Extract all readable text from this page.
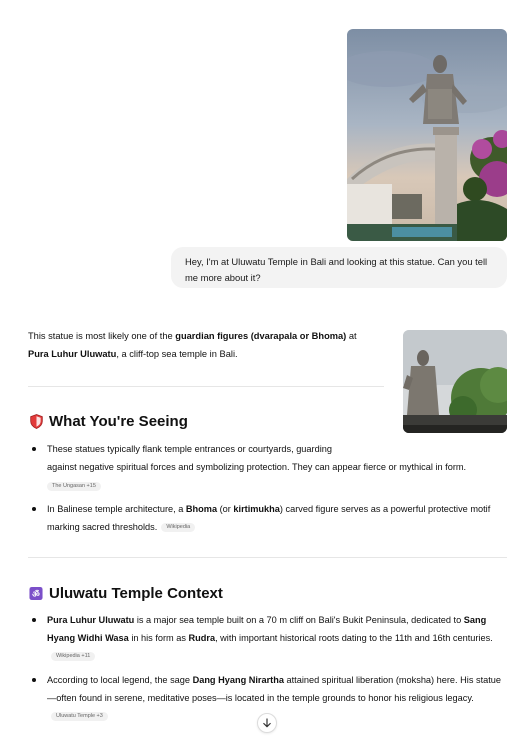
Hey, I'm at Uluwatu Temple in Bali and looking at this statue. Can you tell me more about it?
This statue is most likely one of the guardian figures (dvarapala or Bhoma) at
Pura Luhur Uluwatu, a cliff-top sea temple in Bali.
What You're Seeing
These statues typically flank temple entrances or courtyards, guarding
against negative spiritual forces and symbolizing protection. They can appear fierce or mythical in form.
The Ungasan +15
In Balinese temple architecture, a Bhoma (or kirtimukha) carved figure serves as a powerful protective motif marking sacred thresholds. Wikipedia
ॐ Uluwatu Temple Context
Pura Luhur Uluwatu is a major sea temple built on a 70 m cliff on Bali's Bukit Peninsula, dedicated to Sang Hyang Widhi Wasa in his form as Rudra, with important historical roots dating to the 11th and 16th centuries.Wikipedia +11
According to local legend, the sage Dang Hyang Nirartha attained spiritual liberation (moksha) here. His statue—often found in serene, meditative poses—is located in the temple grounds to honor his religious legacy.Uluwatu Temple +3
